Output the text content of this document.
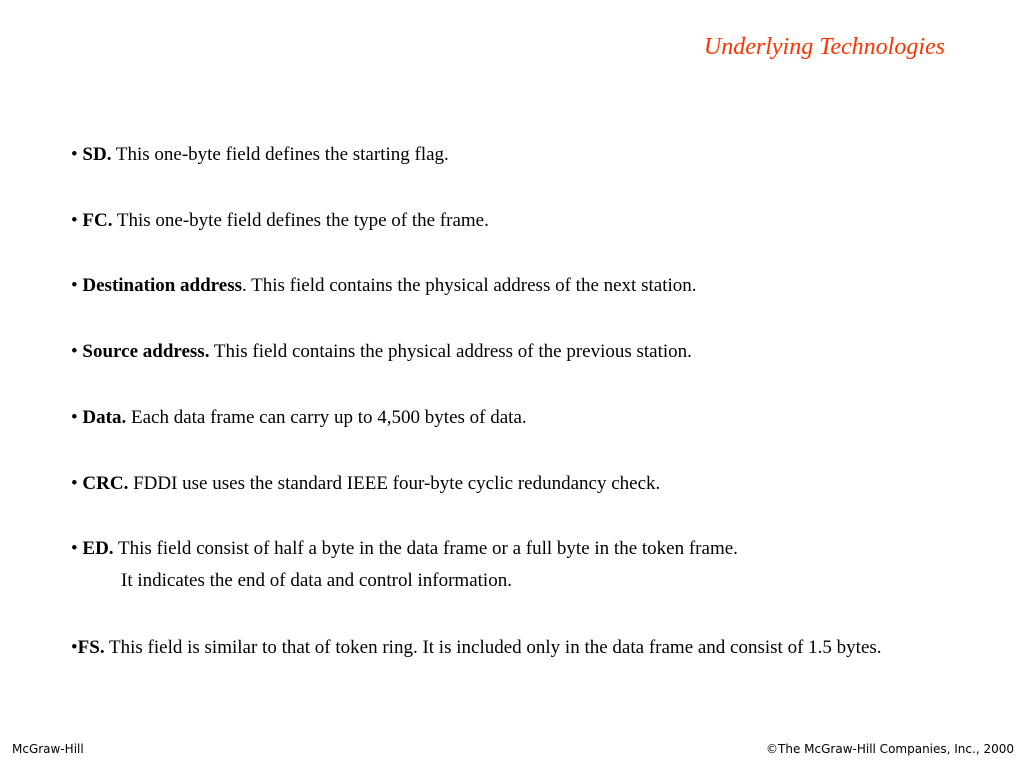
Underlying Technologies
• SD. This one-byte field defines the starting flag.
• FC. This one-byte field defines the type of the frame.
• Destination address. This field contains the physical address of the next station.
• Source address. This field contains the physical address of the previous station.
• Data. Each data frame can carry up to 4,500 bytes of data.
• CRC. FDDI use uses the standard IEEE four-byte cyclic redundancy check.
• ED. This field consist of half a byte in the data frame or a full byte in the token frame.
It indicates the end of data and control information.
•FS. This field is similar to that of token ring. It is included only in the data frame and consist of 1.5 bytes.
McGraw-Hill	©The McGraw-Hill Companies, Inc., 2000
